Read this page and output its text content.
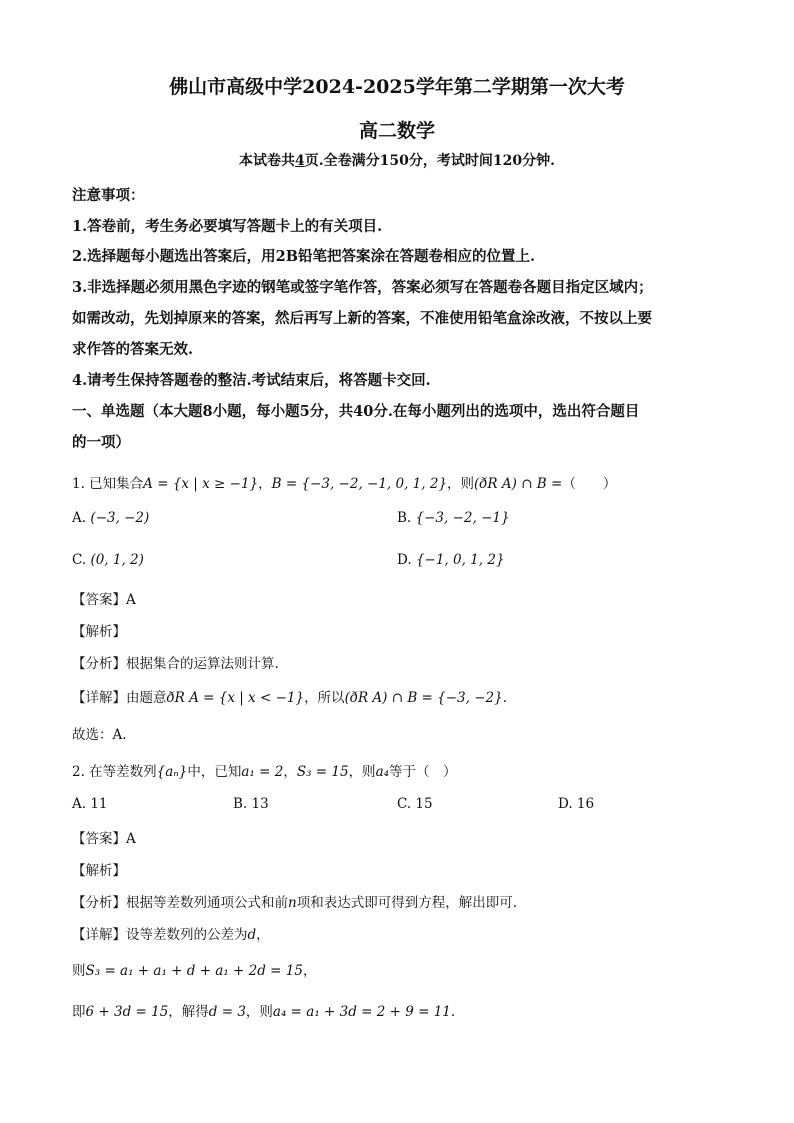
佛山市高级中学2024-2025学年第二学期第一次大考
高二数学
本试卷共4页.全卷满分150分，考试时间120分钟.
注意事项：
1.答卷前，考生务必要填写答题卡上的有关项目.
2.选择题每小题选出答案后，用2B铅笔把答案涂在答题卷相应的位置上.
3.非选择题必须用黑色字迹的钢笔或签字笔作答，答案必须写在答题卷各题目指定区域内；
如需改动，先划掉原来的答案，然后再写上新的答案，不准使用铅笔盒涂改液，不按以上要
求作答的答案无效.
4.请考生保持答题卷的整洁.考试结束后，将答题卡交回.
一、单选题（本大题8小题，每小题5分，共40分.在每小题列出的选项中，选出符合题目
的一项）
1. 已知集合A = {x | x ≥ −1}，B = {−3, −2, −1, 0, 1, 2}，则(ðR A) ∩ B =（　　）
A. (−3, −2)	B. {−3, −2, −1}
C. (0, 1, 2)	D. {−1, 0, 1, 2}
【答案】A
【解析】
【分析】根据集合的运算法则计算.
【详解】由题意ðR A = {x | x < −1}，所以(ðR A) ∩ B = {−3, −2}.
故选：A.
2. 在等差数列{aₙ}中，已知a₁ = 2，S₃ = 15，则a₄等于（　）
A. 11	B. 13	C. 15	D. 16
【答案】A
【解析】
【分析】根据等差数列通项公式和前n项和表达式即可得到方程，解出即可.
【详解】设等差数列的公差为d，
则S₃ = a₁ + a₁ + d + a₁ + 2d = 15，
即6 + 3d = 15，解得d = 3，则a₄ = a₁ + 3d = 2 + 9 = 11.
